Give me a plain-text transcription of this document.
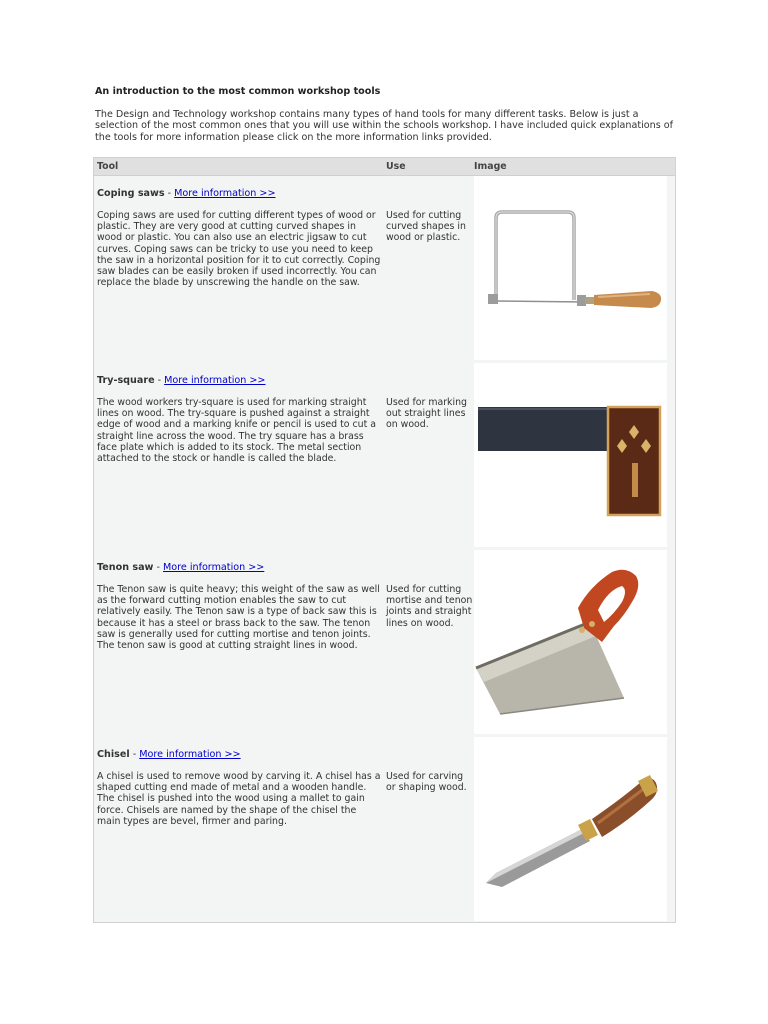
An introduction to the most common workshop tools
The Design and Technology workshop contains many types of hand tools for many different tasks. Below is just a selection of the most common ones that you will use within the schools workshop. I have included quick explanations of the tools for more information please click on the more information links provided.
Tool	Use	Image
Coping saws - More information >>
Coping saws are used for cutting different types of wood or plastic. They are very good at cutting curved shapes in wood or plastic. You can also use an electric jigsaw to cut curves. Coping saws can be tricky to use you need to keep the saw in a horizontal position for it to cut correctly. Coping saw blades can be easily broken if used incorrectly. You can replace the blade by unscrewing the handle on the saw.
Used for cutting curved shapes in wood or plastic.
Try-square - More information >>
The wood workers try-square is used for marking straight lines on wood. The try-square is pushed against a straight edge of wood and a marking knife or pencil is used to cut a straight line across the wood. The try square has a brass face plate which is added to its stock. The metal section attached to the stock or handle is called the blade.
Used for marking out straight lines on wood.
Tenon saw - More information >>
The Tenon saw is quite heavy; this weight of the saw as well as the forward cutting motion enables the saw to cut relatively easily. The Tenon saw is a type of back saw this is because it has a steel or brass back to the saw. The tenon saw is generally used for cutting mortise and tenon joints. The tenon saw is good at cutting straight lines in wood.
Used for cutting mortise and tenon joints and straight lines on wood.
Chisel - More information >>
A chisel is used to remove wood by carving it. A chisel has a shaped cutting end made of metal and a wooden handle. The chisel is pushed into the wood using a mallet to gain force. Chisels are named by the shape of the chisel the main types are bevel, firmer and paring.
Used for carving or shaping wood.
